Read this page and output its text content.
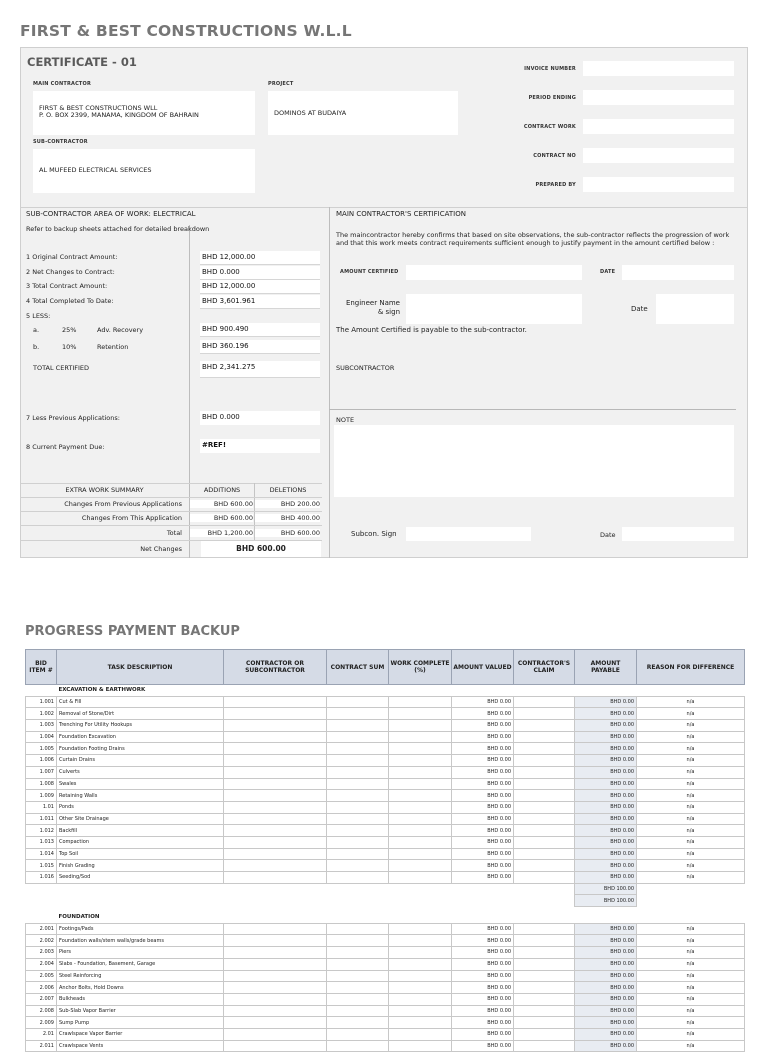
FIRST & BEST CONSTRUCTIONS W.L.L
CERTIFICATE - 01
MAIN CONTRACTOR
FIRST & BEST CONSTRUCTIONS WLL
P. O. BOX 2399, MANAMA, KINGDOM OF BAHRAIN
PROJECT
DOMINOS AT BUDAIYA
SUB-CONTRACTOR
AL MUFEED ELECTRICAL SERVICES
INVOICE NUMBER
PERIOD ENDING
CONTRACT WORK
CONTRACT NO
PREPARED BY
SUB-CONTRACTOR AREA OF WORK: ELECTRICAL
Refer to backup sheets attached for detailed breakdown
1 Original Contract Amount:	BHD 12,000.00
2 Net Changes to Contract:	BHD 0.000
3 Total Contract Amount:	BHD 12,000.00
4 Total Completed To Date:	BHD 3,601.961
5 LESS:
a.	25%	Adv. Recovery	BHD 900.490
b.	10%	Retention	BHD 360.196
TOTAL CERTIFIED	BHD 2,341.275
7 Less Previous Applications:	BHD 0.000
8 Current Payment Due:	#REF!
EXTRA WORK SUMMARY	ADDITIONS	DELETIONS
Changes From Previous Applications	BHD 600.00	BHD 200.00
Changes From This Application	BHD 600.00	BHD 400.00
Total	BHD 1,200.00	BHD 600.00
Net Changes	BHD 600.00
MAIN CONTRACTOR'S CERTIFICATION
The maincontractor hereby confirms that based on site observations, the sub-contractor reflects the progression of work and that this work meets contract requirements sufficient enough to justify payment in the amount certified below :
AMOUNT CERTIFIED	DATE
Engineer Name
& sign	Date
The Amount Certified is payable to the sub-contractor.
SUBCONTRACTOR
NOTE
Subcon. Sign	Date
PROGRESS PAYMENT BACKUP
BID ITEM #	TASK DESCRIPTION	CONTRACTOR OR SUBCONTRACTOR	CONTRACT SUM	WORK COMPLETE (%)	AMOUNT VALUED	CONTRACTOR'S CLAIM	AMOUNT PAYABLE	REASON FOR DIFFERENCE
	EXCAVATION & EARTHWORK							
1.001	Cut & Fill				BHD 0.00		BHD 0.00	n/a
1.002	Removal of Stone/Dirt				BHD 0.00		BHD 0.00	n/a
1.003	Trenching For Utility Hookups				BHD 0.00		BHD 0.00	n/a
1.004	Foundation Excavation				BHD 0.00		BHD 0.00	n/a
1.005	Foundation Footing Drains				BHD 0.00		BHD 0.00	n/a
1.006	Curtain Drains				BHD 0.00		BHD 0.00	n/a
1.007	Culverts				BHD 0.00		BHD 0.00	n/a
1.008	Swales				BHD 0.00		BHD 0.00	n/a
1.009	Retaining Walls				BHD 0.00		BHD 0.00	n/a
1.01	Ponds				BHD 0.00		BHD 0.00	n/a
1.011	Other Site Drainage				BHD 0.00		BHD 0.00	n/a
1.012	Backfill				BHD 0.00		BHD 0.00	n/a
1.013	Compaction				BHD 0.00		BHD 0.00	n/a
1.014	Top Soil				BHD 0.00		BHD 0.00	n/a
1.015	Finish Grading				BHD 0.00		BHD 0.00	n/a
1.016	Seeding/Sod				BHD 0.00		BHD 0.00	n/a
							BHD 100.00	
							BHD 100.00	

	FOUNDATION							
2.001	Footings/Pads				BHD 0.00		BHD 0.00	n/a
2.002	Foundation walls/stem walls/grade beams				BHD 0.00		BHD 0.00	n/a
2.003	Piers				BHD 0.00		BHD 0.00	n/a
2.004	Slabs - Foundation, Basement, Garage				BHD 0.00		BHD 0.00	n/a
2.005	Steel Reinforcing				BHD 0.00		BHD 0.00	n/a
2.006	Anchor Bolts, Hold Downs				BHD 0.00		BHD 0.00	n/a
2.007	Bulkheads				BHD 0.00		BHD 0.00	n/a
2.008	Sub-Slab Vapor Barrier				BHD 0.00		BHD 0.00	n/a
2.009	Sump Pump				BHD 0.00		BHD 0.00	n/a
2.01	Crawlspace Vapor Barrier				BHD 0.00		BHD 0.00	n/a
2.011	Crawlspace Vents				BHD 0.00		BHD 0.00	n/a
